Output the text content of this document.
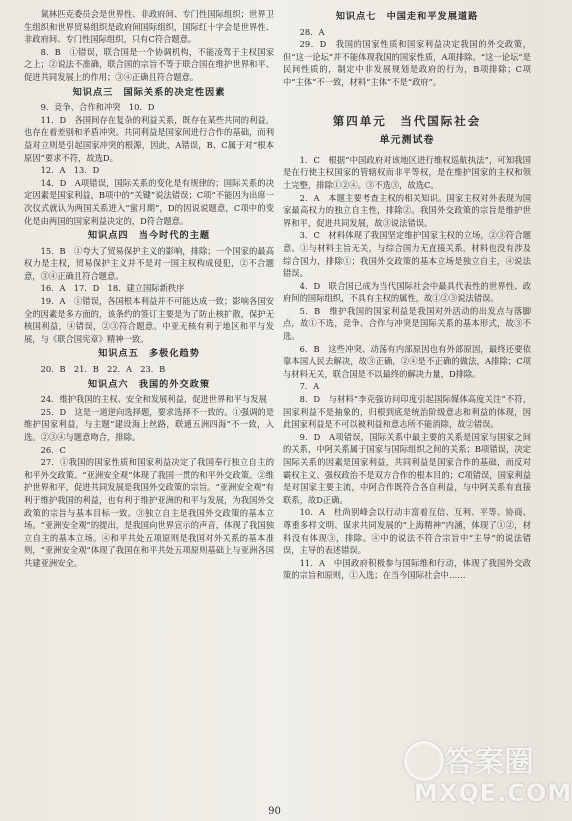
氮林匹克委员会是世界性、非政府间、专门性国际组织；世界卫生组织和世界贸易组织是政府间国际组织，国际红十字会是世界性、非政府间、专门性国际组织，只有C符合题意。

8．B　①错误，联合国是一个协调机构，不能凌驾于主权国家之上；②说法不准确，联合国的宗旨不等于联合国在维护世界和平、促进共同发展上的作用；③④正确且符合题意。

知识点三　国际关系的决定性因素

9．竞争、合作和冲突　10．D

11．D　各国间存在复杂的利益关系，既存在某些共同的利益，也存在着差别和矛盾冲突。共同利益是国家间进行合作的基础，而利益对立则是引起国家冲突的根源，因此，A错误，B、C属于对“根本原因”要求不符，故选D。

12．A　13．D

14．D　A项错误，国际关系的变化是有规律的；国际关系的决定因素是国家利益，B项中的“关键”说法错误；C项“不能因为出席一次仪式就认为两国关系进入“蜜月期”，D的因说说题意，C项中的变化是由两国的国家利益决定的，D符合题意。

知识点四　当今时代的主题

15．B　①夸大了贸易保护主义的影响，排除；一个国家的最高权力是主权，贸易保护主义并不是对一国主权构成侵犯，②不合题意，③④正确且符合题意。

16．A　17．D　18．建立国际新秩序

19．A　①错误，各国根本利益并不可能达成一致；影响各国安全的因素是多方面的，该条约的签订主要是为了防止核扩散，保护无核国利益，④错误，②③符合题意。中亚无核有利于地区和平与发展，与《联合国宪章》精神一致。

知识点五　多极化趋势

20．B　21．B　22．A　23．B

知识点六　我国的外交政策

24．维护我国的主权、安全和发展利益，促进世界和平与发展

25．D　这是一道逆向选择题，要求选择不一致的。①强调的是维护国家利益，与主题“建设海上丝路，联通五洲四海”不一致，入选。②③④与题意吻合，排除。

26．C

27．①我国的国家性质和国家利益决定了我国奉行独立自主的和平外交政策。“亚洲安全观”体现了我国一贯的和平外交政策。②维护世界和平，促进共同发展是我国外交政策的宗旨。“亚洲安全观”有利于维护我国的利益，也有利于维护亚洲的和平与发展，为我国外交政策的宗旨与基本目标一致。③独立自主是我国外交政策的基本立场。“亚洲安全观”的提出，是我国向世界宣示的声音，体现了我国独立自主的基本立场。④和平共处五项原则是我国对外关系的基本准则，“亚洲安全观”体现了我国在和平共处五项原则基础上与亚洲各国共建亚洲安全。

知识点七　中国走和平发展道路

28．A

29．D　我国的国家性质和国家利益决定我国的外交政策，但“这一论坛”并不能体现我国的国家性质，A项排除。“这一论坛”是民间性质的，制定中非发展规划是政府的行为，B项排除；C项中“主体”不一致，材料“主体”不是“政府”。

第四单元　当代国际社会
单元测试卷

1．C　根据“中国政府对该地区进行维权巡航执法”，可知我国是在行使主权国家的管辖权而非平等权，是在维护国家的主权和领土完整，排除①②④。③不选③，故选C。

2．A　本题主要考查主权的相关知识。国家主权对外表现为国家最高权力的独立自主性，排除②。我国外交政策的宗旨是维护世界和平，促进共同发展，故③说法错误。

3．C　材料体现了我国坚定维护国家主权的立场，②③符合题意。①与材料主旨无关，与综合国力无直接关系，材料也没有涉及综合国力，排除①；我国外交政策的基本立场是独立自主，④说法错误。

4．D　联合国已成为当代国际社会中最具代表性的世界性、政府间的国际组织，不具有主权的属性，故①②③说法错误。

5．B　维护我国的国家利益是我国对外活动的出发点与落脚点，故①不选，竞争、合作与冲突是国际关系的基本形式，故③不选。

6．B　这些冲突、动荡有内部原因也有外部原因，最终还要依靠本国人民去解决，故③正确，②④是不正确的做法，A排除；C项与材料无关，联合国是不以最终的解决力量，D排除。

7．A

8．D　与材料“李克强访问印度引起国际媒体高度关注”不符，国家利益不是抽象的，归根到底是统治阶级意志和利益的体现，因此国家利益是不可以被利益和意志所不能消除，故②错误。

9．D　A项错误，国际关系中最主要的关系是国家与国家之间的关系，中阿关系属于国家与国际组织之间的关系；B项错误，决定国际关系的因素是国家利益，共同利益是国家合作的基础，而反对霸权主义、强权政治不是双方合作的根本目的；C项错误，国家利益是对国家主要主流，中阿合作既符合各自利益，与中阿关系有直接联系，故D正确。

10．A　杜尚别峰会以行动丰富着互信、互利、平等、协商、尊重多样文明、谋求共同发展的“上海精神”内涵，体现了①②，材料没有体现③，排除。④中的说法不符合宗旨中“主导”的说法错误，主导的表述错误。

11．A　中国政府积极参与国际维和行动，体现了我国外交政策的宗旨和原则，①入选；在当今国际社会中……

答案圈
MXQE.COM
90
